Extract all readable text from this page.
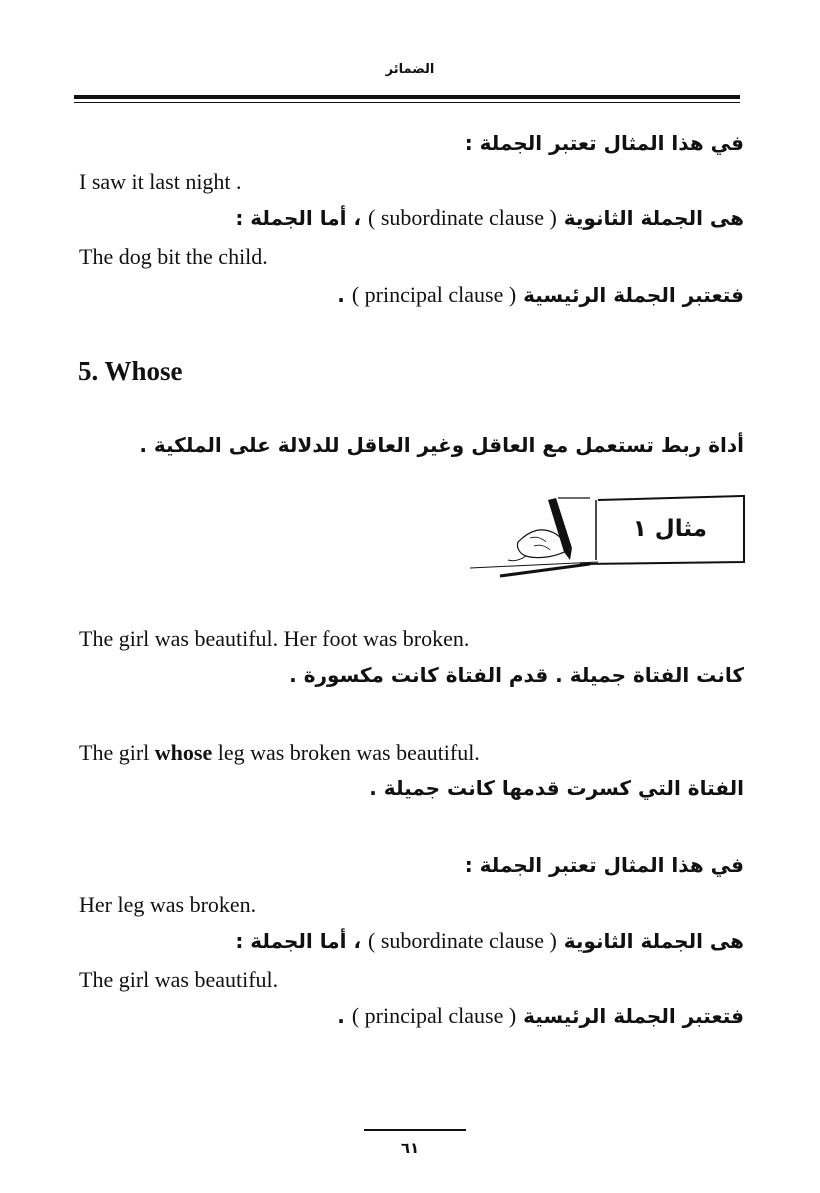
الضمائر

في هذا المثال تعتبر الجملة :

I saw it last night .

هى الجملة الثانوية ( subordinate clause ) ، أما الجملة :

The dog bit the child.

فتعتبر الجملة الرئيسية ( principal clause ) .

5. Whose

أداة ربط تستعمل مع العاقل وغير العاقل للدلالة على الملكية .

مثال ١

The girl was beautiful. Her foot was broken.

كانت الفتاة جميلة . قدم الفتاة كانت مكسورة .

The girl whose leg was broken was beautiful.

الفتاة التي كسرت قدمها كانت جميلة .

في هذا المثال تعتبر الجملة :

Her leg was broken.

هى الجملة الثانوية ( subordinate clause ) ، أما الجملة :

The girl was beautiful.

فتعتبر الجملة الرئيسية ( principal clause ) .

٦١
